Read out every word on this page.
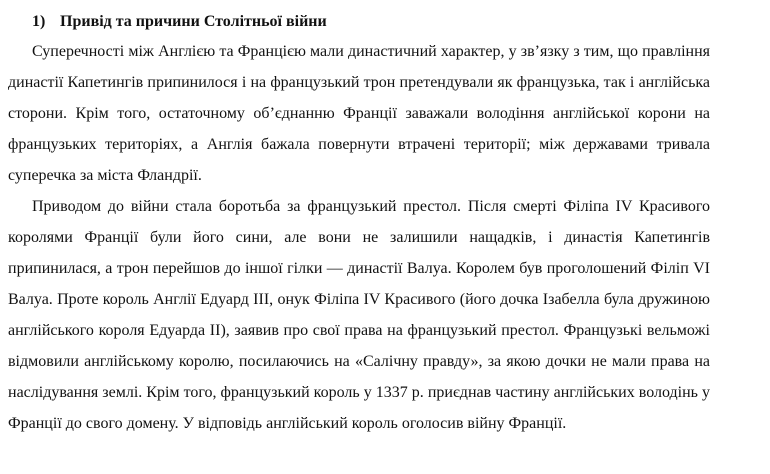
1) Привід та причини Столітньої війни

Суперечності між Англією та Францією мали династичний характер, у зв’язку з тим, що правління династії Капетингів припинилося і на французький трон претендували як французька, так і англійська сторони. Крім того, остаточному об’єднанню Франції заважали володіння англійської корони на французьких територіях, а Англія бажала повернути втрачені території; між державами тривала суперечка за міста Фландрії.

Приводом до війни стала боротьба за французький престол. Після смерті Філіпа IV Красивого королями Франції були його сини, але вони не залишили нащадків, і династія Капетингів припинилася, а трон перейшов до іншої гілки — династії Валуа. Королем був проголошений Філіп VI Валуа. Проте король Англії Едуард III, онук Філіпа IV Красивого (його дочка Ізабелла була дружиною англійського короля Едуарда II), заявив про свої права на французький престол. Французькі вельможі відмовили англійському королю, посилаючись на «Салічну правду», за якою дочки не мали права на наслідування землі. Крім того, французький король у 1337 р. приєднав частину англійських володінь у Франції до свого домену. У відповідь англійський король оголосив війну Франції.
